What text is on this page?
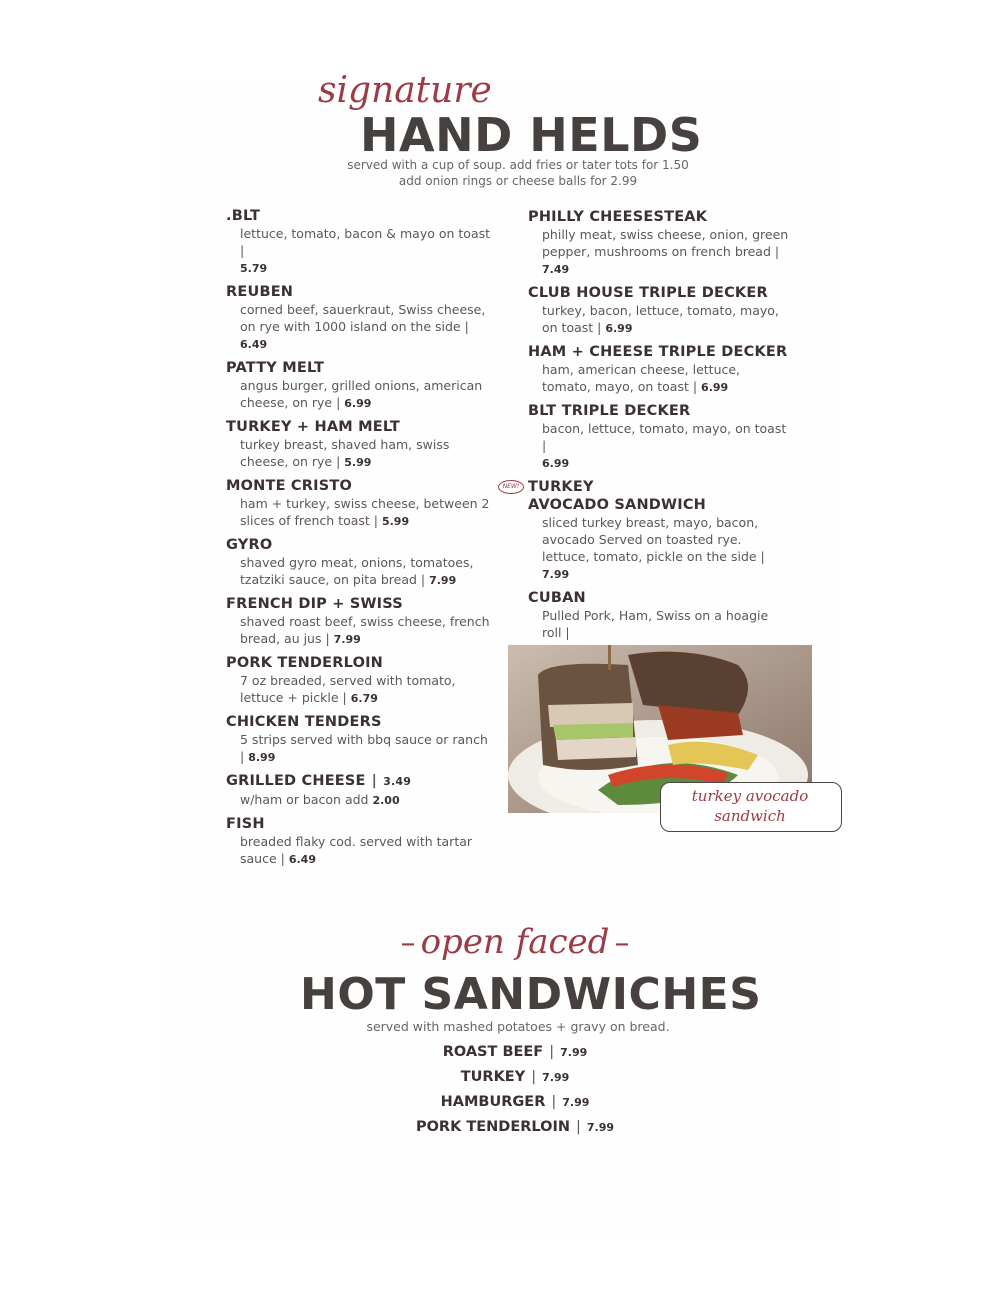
signature
HAND HELDS
served with a cup of soup. add fries or tater tots for 1.50
add onion rings or cheese balls for 2.99
.BLT
lettuce, tomato, bacon & mayo on toast |
5.79
REUBEN
corned beef, sauerkraut, Swiss cheese, on rye with 1000 island on the side | 6.49
PATTY MELT
angus burger, grilled onions, american cheese, on rye | 6.99
TURKEY + HAM MELT
turkey breast, shaved ham, swiss cheese, on rye | 5.99
MONTE CRISTO
ham + turkey, swiss cheese, between 2 slices of french toast | 5.99
GYRO
shaved gyro meat, onions, tomatoes, tzatziki sauce, on pita bread | 7.99
FRENCH DIP + SWISS
shaved roast beef, swiss cheese, french bread, au jus | 7.99
PORK TENDERLOIN
7 oz breaded, served with tomato, lettuce + pickle | 6.79
CHICKEN TENDERS
5 strips served with bbq sauce or ranch | 8.99
GRILLED CHEESE | 3.49
w/ham or bacon add 2.00
FISH
breaded flaky cod. served with tartar sauce | 6.49
PHILLY CHEESESTEAK
philly meat, swiss cheese, onion, green pepper, mushrooms on french bread | 7.49
CLUB HOUSE TRIPLE DECKER
turkey, bacon, lettuce, tomato, mayo, on toast | 6.99
HAM + CHEESE TRIPLE DECKER
ham, american cheese, lettuce, tomato, mayo, on toast | 6.99
BLT TRIPLE DECKER
bacon, lettuce, tomato, mayo, on toast |
6.99
NEW! TURKEY
AVOCADO SANDWICH
sliced turkey breast, mayo, bacon, avocado Served on toasted rye. lettuce, tomato, pickle on the side | 7.99
CUBAN
Pulled Pork, Ham, Swiss on a hoagie roll |

turkey avocado
sandwich
– open faced –
HOT SANDWICHES
served with mashed potatoes + gravy on bread.
ROAST BEEF | 7.99
TURKEY | 7.99
HAMBURGER | 7.99
PORK TENDERLOIN | 7.99
